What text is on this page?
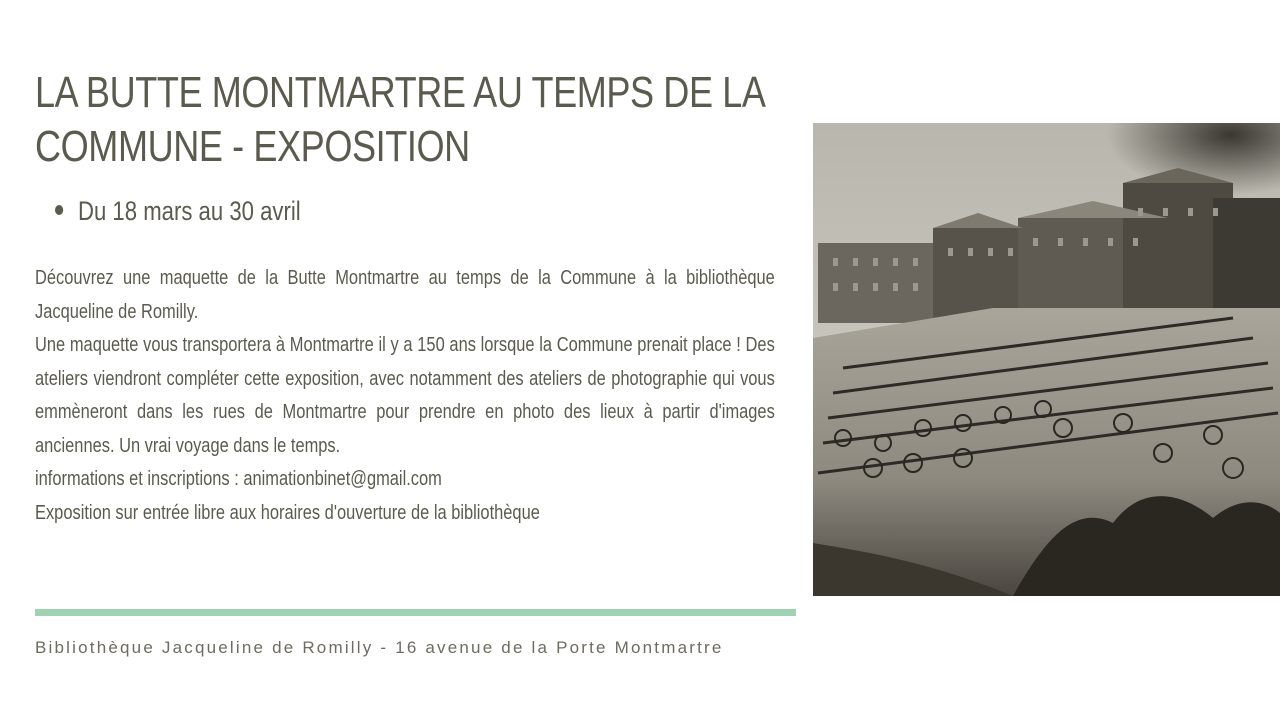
LA BUTTE MONTMARTRE AU TEMPS DE LA
COMMUNE - EXPOSITION
Du 18 mars au 30 avril

Découvrez une maquette de la Butte Montmartre au temps de la Commune à la bibliothèque Jacqueline de Romilly.

Une maquette vous transportera à Montmartre il y a 150 ans lorsque la Commune prenait place ! Des ateliers viendront compléter cette exposition, avec notamment des ateliers de photographie qui vous emmèneront dans les rues de Montmartre pour prendre en photo des lieux à partir d'images anciennes. Un vrai voyage dans le temps.

informations et inscriptions : animationbinet@gmail.com

Exposition sur entrée libre aux horaires d'ouverture de la bibliothèque

Bibliothèque Jacqueline de Romilly - 16 avenue de la Porte Montmartre
